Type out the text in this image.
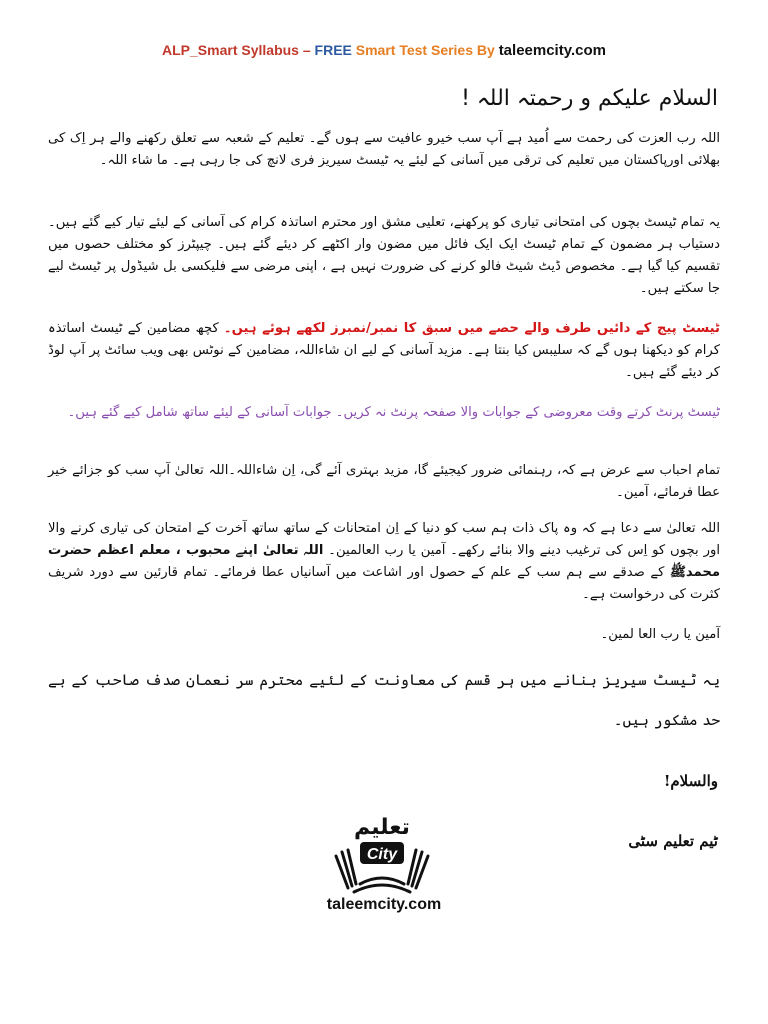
ALP_Smart Syllabus – FREE Smart Test Series By taleemcity.com
السلام علیکم و رحمتہ اللہ !
اللہ رب العزت کی رحمت سے اُمید ہے آپ سب خیرو عافیت سے ہوں گے۔ تعلیم کے شعبہ سے تعلق رکھنے والے ہر اِک کی بھلائی اورپاکستان میں تعلیم کی ترقی میں آسانی کے لیئے یہ ٹیسٹ سیریز فری لانچ کی جا رہی ہے۔ ما شاء اللہ۔
یہ تمام ٹیسٹ بچوں کی امتحانی تیاری کو پرکھنے، تعلیی مشق اور محترم اساتذہ کرام کی آسانی کے لیئے تیار کیے گئے ہیں۔دستیاب ہر مضمون کے تمام ٹیسٹ ایک ایک فائل میں مضون وار اکٹھے کر دیئے گئے ہیں۔ چیپٹرز کو مختلف حصوں میں تقسیم کیا گیا ہے۔ مخصوص ڈیٹ شیٹ فالو کرنے کی ضرورت نہیں ہے ، اپنی مرضی سے فلیکسی بل شیڈول پر ٹیسٹ لیے جا سکتے ہیں۔
ٹیسٹ پیج کے دائیں طرف والے حصے میں سبق کا نمبر/نمبرز لکھے ہوئے ہیں۔ کچھ مضامین کے ٹیسٹ اساتذہ کرام کو دیکھنا ہوں گے کہ سلیبس کیا بنتا ہے۔ مزید آسانی کے لیے ان شاءاللہ، مضامین کے نوٹس بھی ویب سائٹ پر آپ لوڈ کر دیئے گئے ہیں۔
ٹیسٹ پرنٹ کرتے وقت معروضی کے جوابات والا صفحہ پرنٹ نہ کریں۔ جوابات آسانی کے لیئے ساتھ شامل کیے گئے ہیں۔
تمام احباب سے عرض ہے کہ، رہنمائی ضرور کیجیئے گا، مزید بہتری آئے گی، اِن شاءاللہ۔اللہ تعالیٰ آپ سب کو جزائے خیر عطا فرمائے، آمین۔
اللہ تعالیٰ سے دعا ہے کہ وہ پاک ذات ہم سب کو دنیا کے اِن امتحانات کے ساتھ ساتھ آخرت کے امتحان کی تیاری کرنے والا اور بچوں کو اِس کی ترغیب دینے والا بنائے رکھے۔ آمین یا رب العالمین۔ اللہ تعالیٰ اپنے محبوب ، معلم اعظم حضرت محمدﷺ کے صدقے سے ہم سب کے علم کے حصول اور اشاعت میں آسانیاں عطا فرمائے۔ تمام قارئین سے دورد شریف کثرت کی درخواست ہے۔
آمین یا رب العا لمین۔
یہ ٹیسٹ سیریز بنانے میں ہر قسم کی معاونت کے لئیے محترم سر نعمان صدف صاحب کے بے حد مشکور ہیں۔
والسلام!
ٹیم تعلیم سٹی
تعلیم
City
taleemcity.com
